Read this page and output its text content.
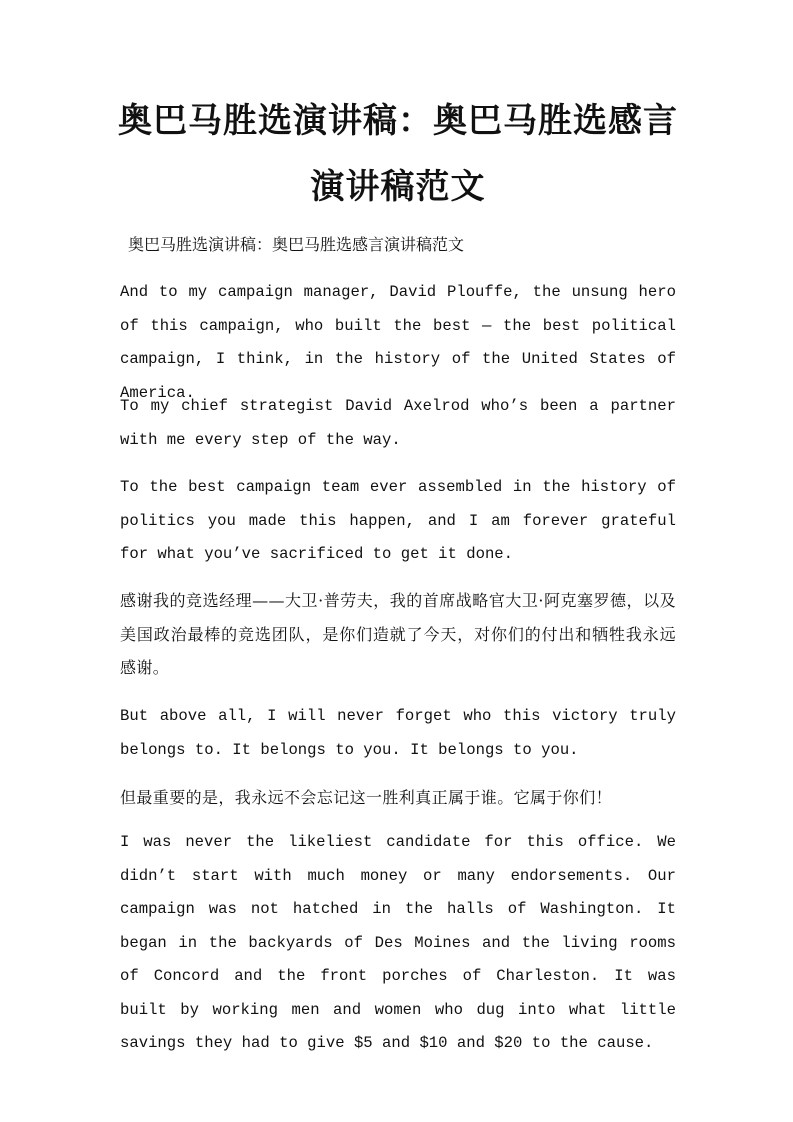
奥巴马胜选演讲稿：奥巴马胜选感言演讲稿范文

奥巴马胜选演讲稿：奥巴马胜选感言演讲稿范文

And to my campaign manager, David Plouffe, the unsung hero of this campaign, who built the best — the best political campaign, I think, in the history of the United States of America.

To my chief strategist David Axelrod who’s been a partner with me every step of the way.

To the best campaign team ever assembled in the history of politics you made this happen, and I am forever grateful for what you’ve sacrificed to get it done.

感谢我的竞选经理——大卫·普劳夫，我的首席战略官大卫·阿克塞罗德，以及美国政治最棒的竞选团队，是你们造就了今天，对你们的付出和牺牲我永远感谢。

But above all, I will never forget who this victory truly belongs to. It belongs to you. It belongs to you.

但最重要的是，我永远不会忘记这一胜利真正属于谁。它属于你们！

I was never the likeliest candidate for this office. We didn’t start with much money or many endorsements. Our campaign was not hatched in the halls of Washington. It began in the backyards of Des Moines and the living rooms of Concord and the front porches of Charleston. It was built by working men and women who dug into what little savings they had to give $5 and $10 and $20 to the cause.
